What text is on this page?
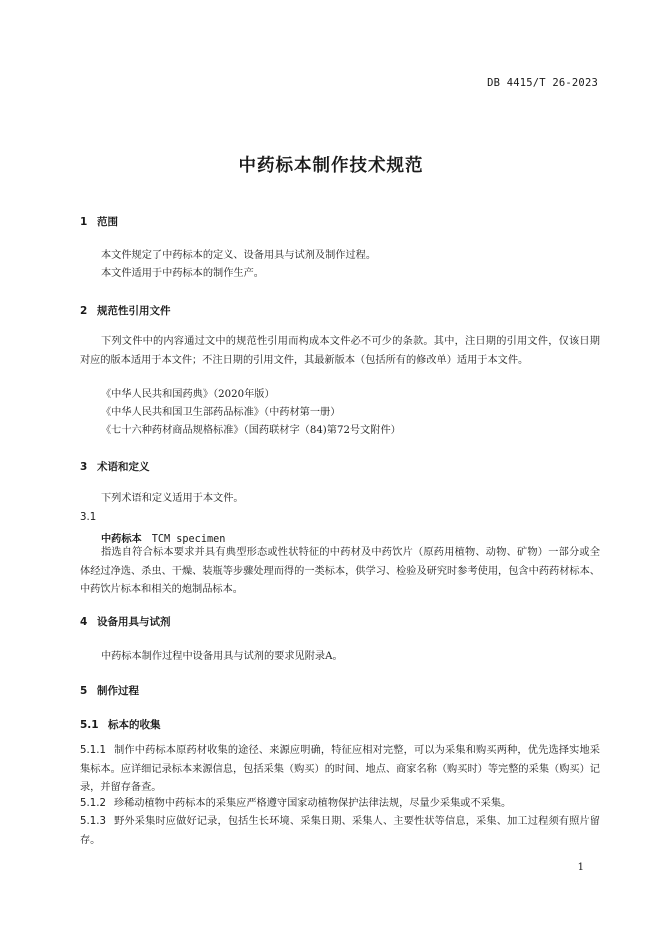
DB 4415/T 26-2023
中药标本制作技术规范
1 范围
本文件规定了中药标本的定义、设备用具与试剂及制作过程。
本文件适用于中药标本的制作生产。
2 规范性引用文件
下列文件中的内容通过文中的规范性引用而构成本文件必不可少的条款。其中，注日期的引用文件，仅该日期对应的版本适用于本文件；不注日期的引用文件，其最新版本（包括所有的修改单）适用于本文件。
《中华人民共和国药典》（2020年版）
《中华人民共和国卫生部药品标准》（中药材第一册）
《七十六种药材商品规格标准》（国药联材字（84)第72号文附件）
3 术语和定义
下列术语和定义适用于本文件。
3.1
中药标本 TCM specimen
指选自符合标本要求并具有典型形态或性状特征的中药材及中药饮片（原药用植物、动物、矿物）一部分或全体经过净选、杀虫、干燥、装瓶等步骤处理而得的一类标本，供学习、检验及研究时参考使用，包含中药药材标本、中药饮片标本和相关的炮制品标本。
4 设备用具与试剂
中药标本制作过程中设备用具与试剂的要求见附录A。
5 制作过程
5.1 标本的收集
5.1.1 制作中药标本原药材收集的途径、来源应明确，特征应相对完整，可以为采集和购买两种，优先选择实地采集标本。应详细记录标本来源信息，包括采集（购买）的时间、地点、商家名称（购买时）等完整的采集（购买）记录，并留存备查。
5.1.2 珍稀动植物中药标本的采集应严格遵守国家动植物保护法律法规，尽量少采集或不采集。
5.1.3 野外采集时应做好记录，包括生长环境、采集日期、采集人、主要性状等信息，采集、加工过程须有照片留存。
1
